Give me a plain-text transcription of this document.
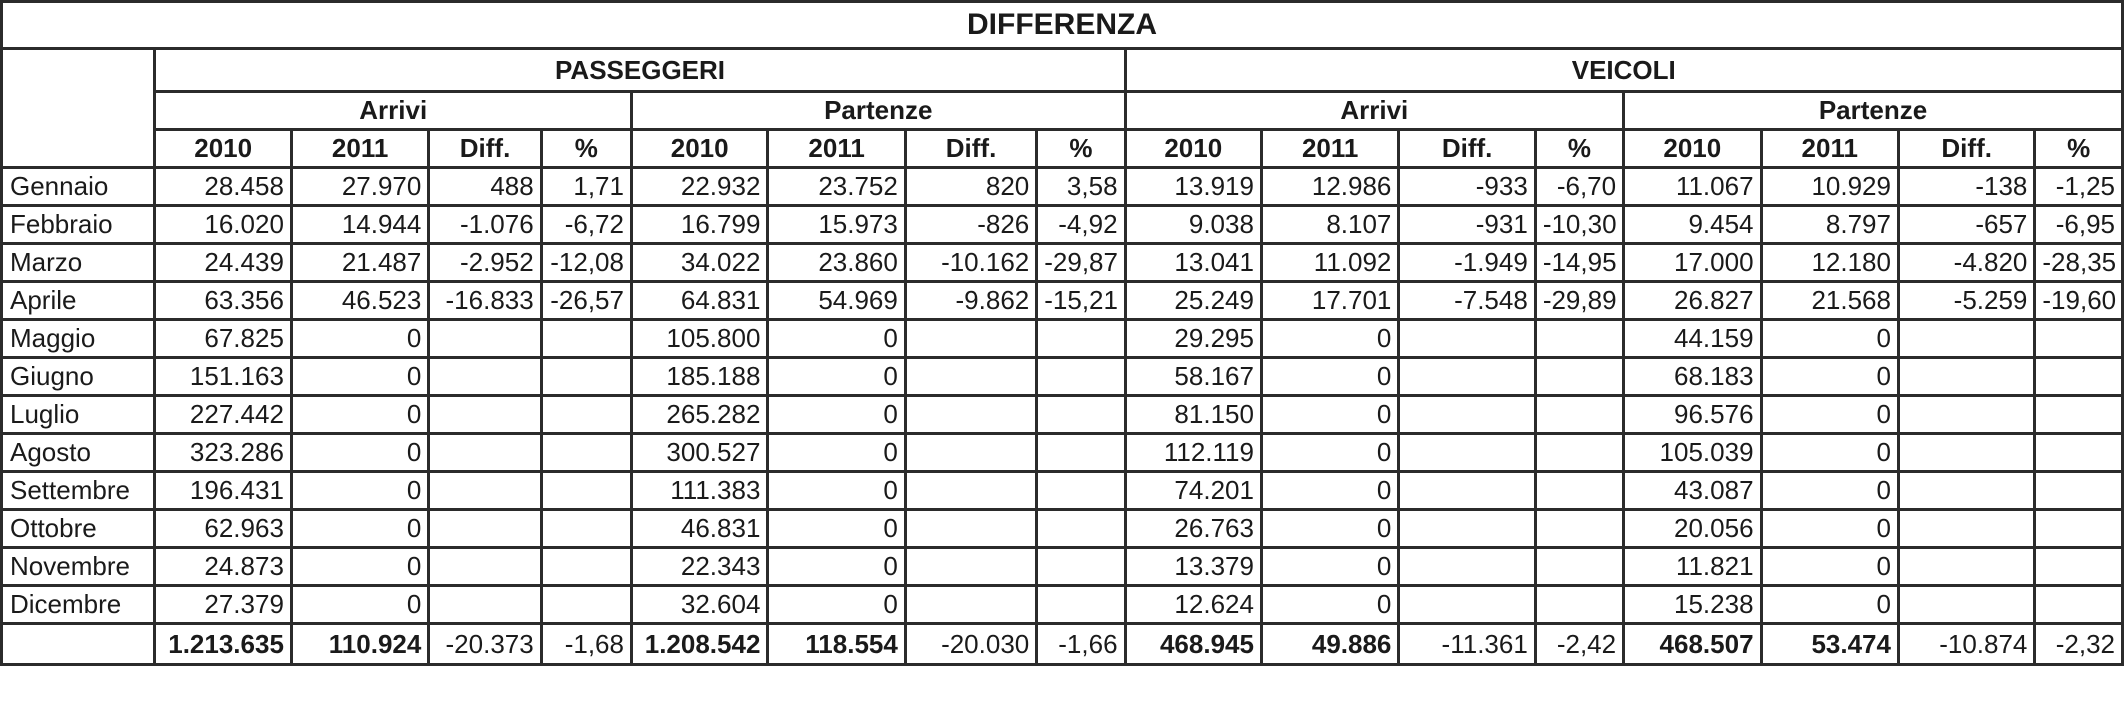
DIFFERENZA																
	PASSEGGERI								VEICOLI							
	Arrivi				Partenze				Arrivi				Partenze			
	2010	2011	Diff.	%	2010	2011	Diff.	%	2010	2011	Diff.	%	2010	2011	Diff.	%
Gennaio	28.458	27.970	488	1,71	22.932	23.752	820	3,58	13.919	12.986	-933	-6,70	11.067	10.929	-138	-1,25
Febbraio	16.020	14.944	-1.076	-6,72	16.799	15.973	-826	-4,92	9.038	8.107	-931	-10,30	9.454	8.797	-657	-6,95
Marzo	24.439	21.487	-2.952	-12,08	34.022	23.860	-10.162	-29,87	13.041	11.092	-1.949	-14,95	17.000	12.180	-4.820	-28,35
Aprile	63.356	46.523	-16.833	-26,57	64.831	54.969	-9.862	-15,21	25.249	17.701	-7.548	-29,89	26.827	21.568	-5.259	-19,60
Maggio	67.825	0			105.800	0			29.295	0			44.159	0		
Giugno	151.163	0			185.188	0			58.167	0			68.183	0		
Luglio	227.442	0			265.282	0			81.150	0			96.576	0		
Agosto	323.286	0			300.527	0			112.119	0			105.039	0		
Settembre	196.431	0			111.383	0			74.201	0			43.087	0		
Ottobre	62.963	0			46.831	0			26.763	0			20.056	0		
Novembre	24.873	0			22.343	0			13.379	0			11.821	0		
Dicembre	27.379	0			32.604	0			12.624	0			15.238	0		
	1.213.635	110.924	-20.373	-1,68	1.208.542	118.554	-20.030	-1,66	468.945	49.886	-11.361	-2,42	468.507	53.474	-10.874	-2,32
